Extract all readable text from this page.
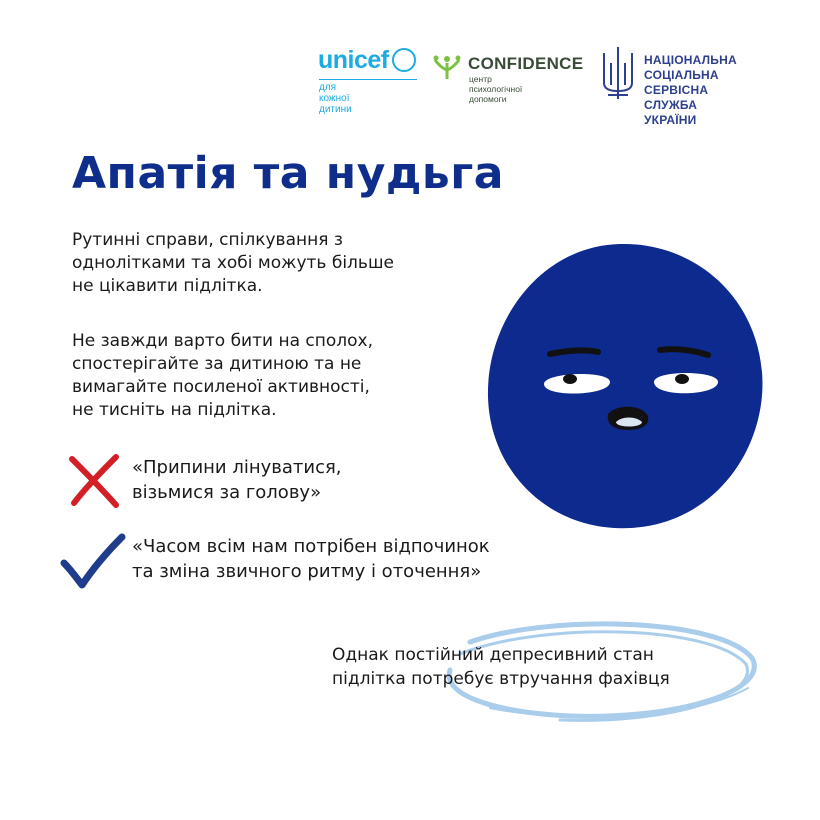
unicef
для кожної дитини
CONFIDENCE
центр психологічної допомоги
НАЦІОНАЛЬНА
СОЦІАЛЬНА СЕРВІСНА
СЛУЖБА УКРАЇНИ
Апатія та нудьга
Рутинні справи, спілкування з
однолітками та хобі можуть більше
не цікавити підлітка.
Не завжди варто бити на сполох,
спостерігайте за дитиною та не
вимагайте посиленої активності,
не тисніть на підлітка.
«Припини лінуватися,
візьмися за голову»
«Часом всім нам потрібен відпочинок
та зміна звичного ритму і оточення»
Однак постійний депресивний стан
підлітка потребує втручання фахівця
